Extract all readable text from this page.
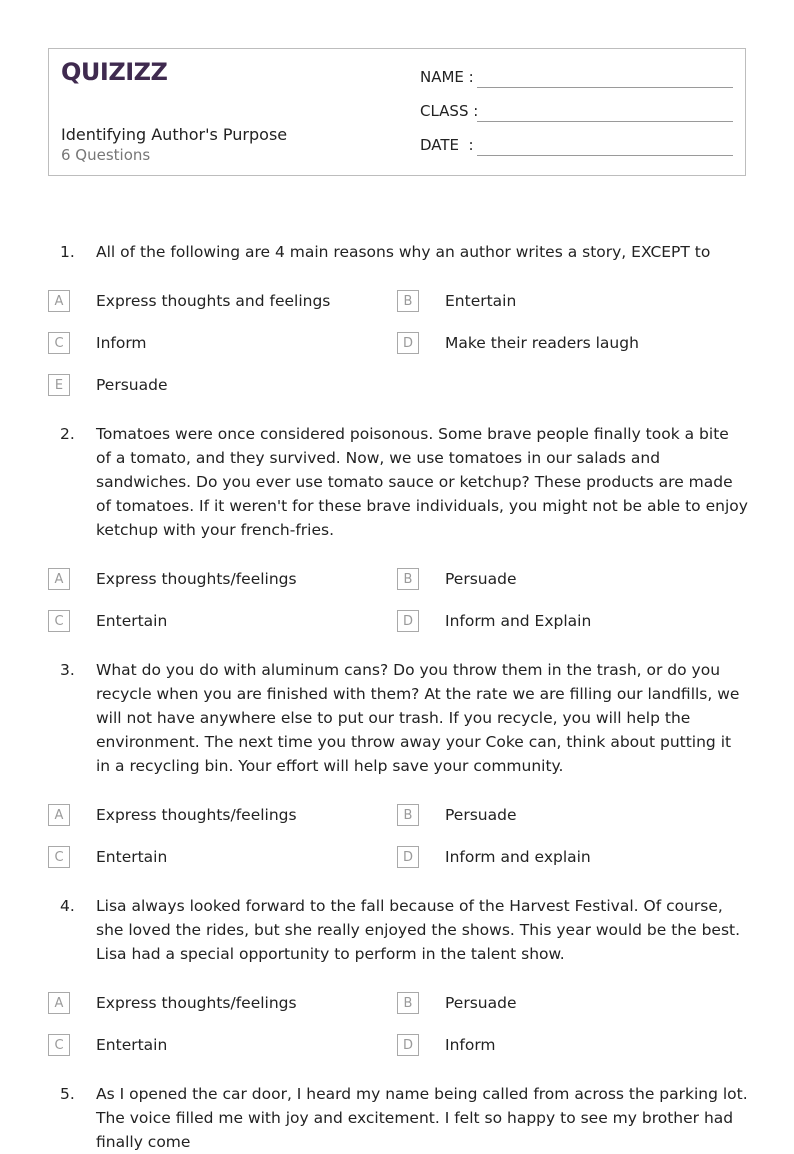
QUIZIZZ
Identifying Author's Purpose
6 Questions
NAME :
CLASS :
DATE  :
1. All of the following are 4 main reasons why an author writes a story, EXCEPT to
A	Express thoughts and feelings	B	Entertain
C	Inform	D	Make their readers laugh
E	Persuade
2. Tomatoes were once considered poisonous. Some brave people finally took a bite of a tomato, and they survived. Now, we use tomatoes in our salads and sandwiches. Do you ever use tomato sauce or ketchup? These products are made of tomatoes. If it weren't for these brave individuals, you might not be able to enjoy ketchup with your french-fries.
A	Express thoughts/feelings	B	Persuade
C	Entertain	D	Inform and Explain
3. What do you do with aluminum cans? Do you throw them in the trash, or do you recycle when you are finished with them? At the rate we are filling our landfills, we will not have anywhere else to put our trash. If you recycle, you will help the environment. The next time you throw away your Coke can, think about putting it in a recycling bin. Your effort will help save your community.
A	Express thoughts/feelings	B	Persuade
C	Entertain	D	Inform and explain
4. Lisa always looked forward to the fall because of the Harvest Festival. Of course, she loved the rides, but she really enjoyed the shows. This year would be the best. Lisa had a special opportunity to perform in the talent show.
A	Express thoughts/feelings	B	Persuade
C	Entertain	D	Inform
5. As I opened the car door, I heard my name being called from across the parking lot. The voice filled me with joy and excitement. I felt so happy to see my brother had finally come
